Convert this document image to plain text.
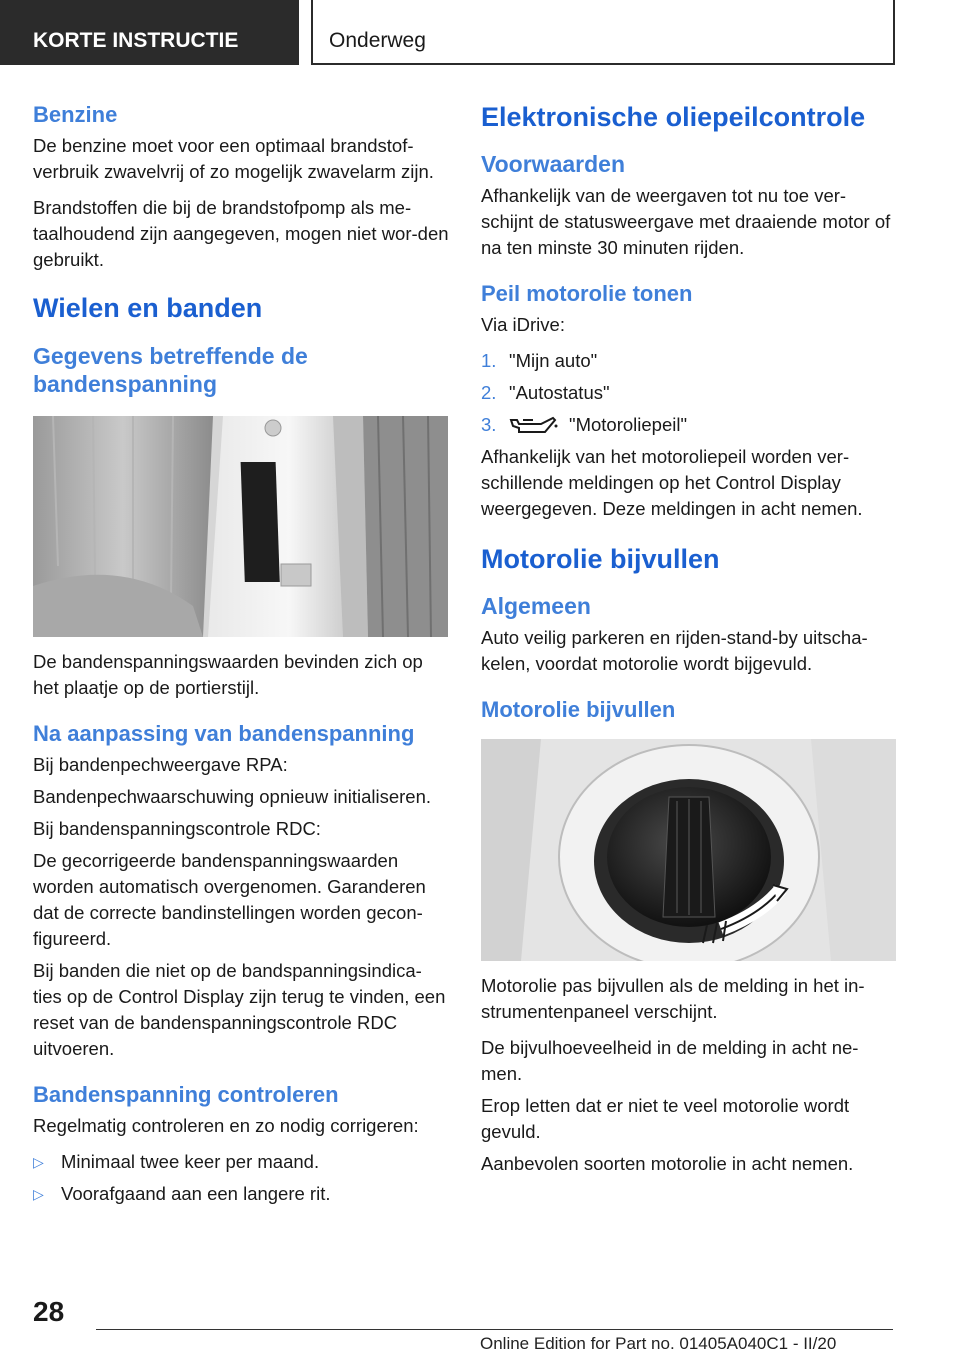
KORTE INSTRUCTIE	Onderweg
Benzine

De benzine moet voor een optimaal brandstof-verbruik zwavelvrij of zo mogelijk zwavelarm zijn.

Brandstoffen die bij de brandstofpomp als me-taalhoudend zijn aangegeven, mogen niet wor-den gebruikt.

Wielen en banden
Gegevens betreffende de bandenspanning

De bandenspanningswaarden bevinden zich op het plaatje op de portierstijl.

Na aanpassing van bandenspanning

Bij bandenpechweergave RPA:

Bandenpechwaarschuwing opnieuw initialiseren.

Bij bandenspanningscontrole RDC:

De gecorrigeerde bandenspanningswaarden worden automatisch overgenomen. Garanderen dat de correcte bandinstellingen worden gecon-figureerd.

Bij banden die niet op de bandspanningsindica-ties op de Control Display zijn terug te vinden, een reset van de bandenspanningscontrole RDC uitvoeren.

Bandenspanning controleren

Regelmatig controleren en zo nodig corrigeren:

▷ Minimaal twee keer per maand.
▷ Voorafgaand aan een langere rit.
Elektronische oliepeilcontrole
Voorwaarden

Afhankelijk van de weergaven tot nu toe ver-schijnt de statusweergave met draaiende motor of na ten minste 30 minuten rijden.

Peil motorolie tonen

Via iDrive:

1. "Mijn auto"
2. "Autostatus"
3.	"Motoroliepeil"

Afhankelijk van het motoroliepeil worden ver-schillende meldingen op het Control Display weergegeven. Deze meldingen in acht nemen.

Motorolie bijvullen
Algemeen

Auto veilig parkeren en rijden-stand-by uitscha-kelen, voordat motorolie wordt bijgevuld.

Motorolie bijvullen

Motorolie pas bijvullen als de melding in het in-strumentenpaneel verschijnt.

De bijvulhoeveelheid in de melding in acht ne-men.

Erop letten dat er niet te veel motorolie wordt gevuld.

Aanbevolen soorten motorolie in acht nemen.

28
Online Edition for Part no. 01405A040C1 - II/20
